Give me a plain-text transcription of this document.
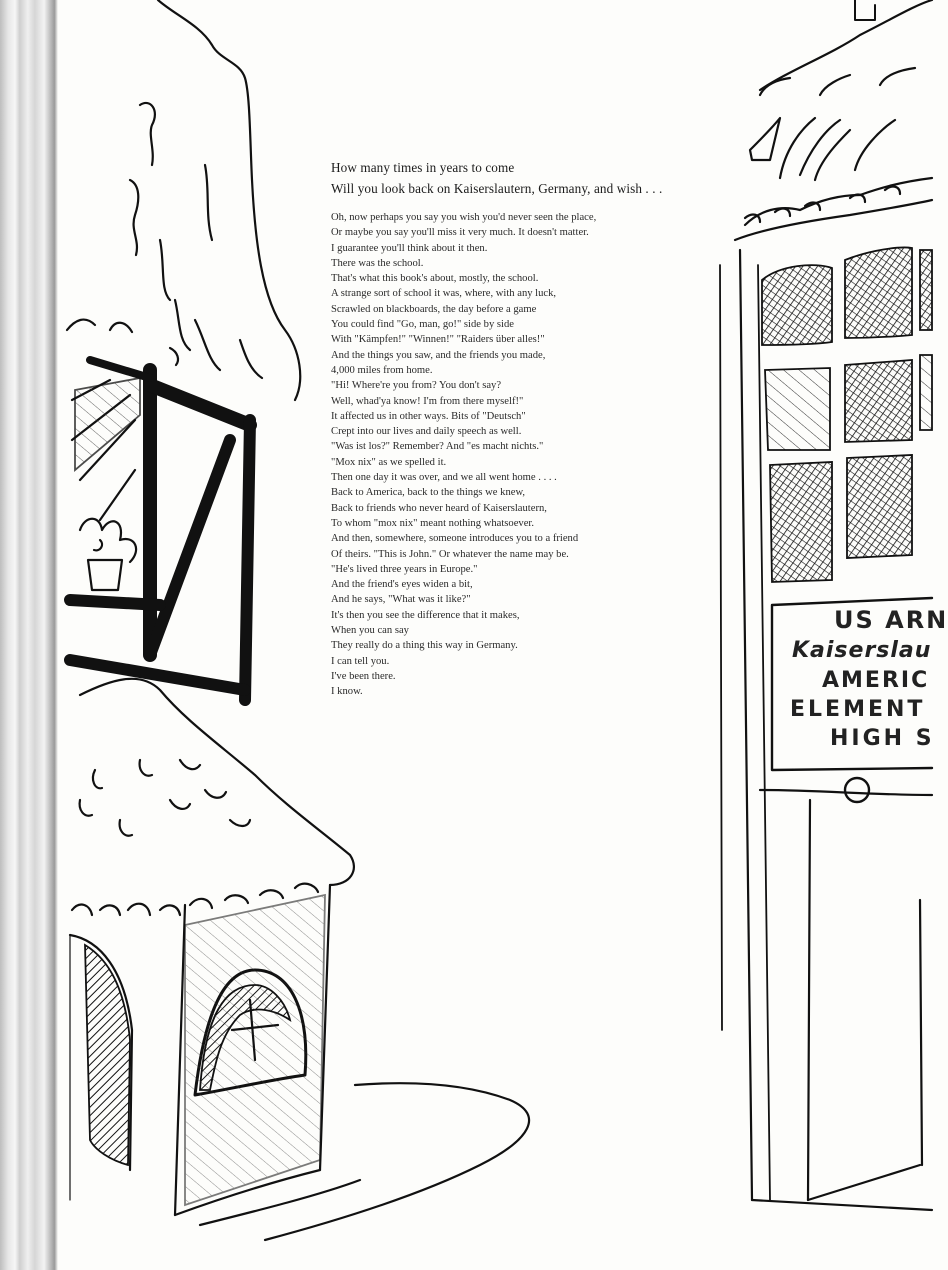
How many times in years to come
Will you look back on Kaiserslautern, Germany, and wish . . .
Oh, now perhaps you say you wish you'd never seen the place,
Or maybe you say you'll miss it very much. It doesn't matter.
I guarantee you'll think about it then.
There was the school.
That's what this book's about, mostly, the school.
A strange sort of school it was, where, with any luck,
Scrawled on blackboards, the day before a game
You could find "Go, man, go!" side by side
With "Kämpfen!" "Winnen!" "Raiders über alles!"
And the things you saw, and the friends you made,
4,000 miles from home.
"Hi! Where're you from? You don't say?
Well, whad'ya know! I'm from there myself!"
It affected us in other ways. Bits of "Deutsch"
Crept into our lives and daily speech as well.
"Was ist los?" Remember? And "es macht nichts."
"Mox nix" as we spelled it.
Then one day it was over, and we all went home . . . .
Back to America, back to the things we knew,
Back to friends who never heard of Kaiserslautern,
To whom "mox nix" meant nothing whatsoever.
And then, somewhere, someone introduces you to a friend
Of theirs. "This is John." Or whatever the name may be.
"He's lived three years in Europe."
And the friend's eyes widen a bit,
And he says, "What was it like?"
It's then you see the difference that it makes,
When you can say
They really do a thing this way in Germany.
I can tell you.
I've been there.
I know.
US ARN
Kaiserslau
AMERIC
ELEMENT
HIGH S
